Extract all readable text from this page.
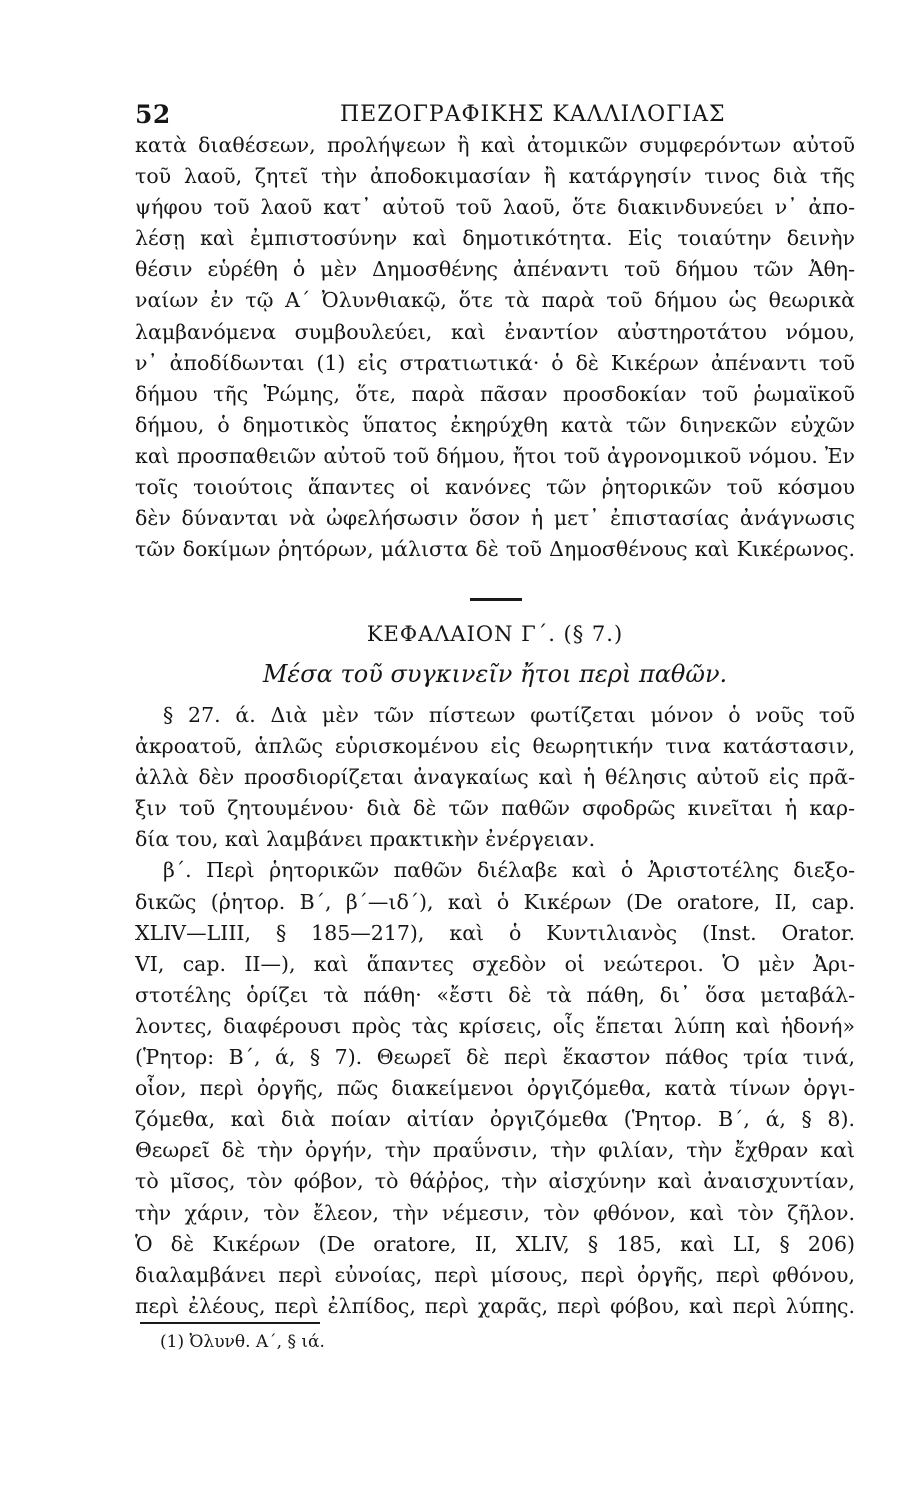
52	ΠΕΖΟΓΡΑΦΙΚΗΣ ΚΑΛΛΙΛΟΓΙΑΣ
κατὰ διαθέσεων, προλήψεων ἢ καὶ ἀτομικῶν συμφερόντων αὐτοῦ
τοῦ λαοῦ, ζητεῖ τὴν ἀποδοκιμασίαν ἢ κατάργησίν τινος διὰ τῆς
ψήφου τοῦ λαοῦ κατ᾿ αὐτοῦ τοῦ λαοῦ, ὅτε διακινδυνεύει ν᾿ ἀπο-
λέσῃ καὶ ἐμπιστοσύνην καὶ δημοτικότητα. Εἰς τοιαύτην δεινὴν
θέσιν εὑρέθη ὁ μὲν Δημοσθένης ἀπέναντι τοῦ δήμου τῶν Ἀθη-
ναίων ἐν τῷ Α΄ Ὀλυνθιακῷ, ὅτε τὰ παρὰ τοῦ δήμου ὡς θεωρικὰ
λαμβανόμενα συμβουλεύει, καὶ ἐναντίον αὐστηροτάτου νόμου,
ν᾿ ἀποδίδωνται (1) εἰς στρατιωτικά· ὁ δὲ Κικέρων ἀπέναντι τοῦ
δήμου τῆς Ῥώμης, ὅτε, παρὰ πᾶσαν προσδοκίαν τοῦ ῥωμαϊκοῦ
δήμου, ὁ δημοτικὸς ὕπατος ἐκηρύχθη κατὰ τῶν διηνεκῶν εὐχῶν
καὶ προσπαθειῶν αὐτοῦ τοῦ δήμου, ἤτοι τοῦ ἀγρονομικοῦ νόμου. Ἐν
τοῖς τοιούτοις ἅπαντες οἱ κανόνες τῶν ῥητορικῶν τοῦ κόσμου
δὲν δύνανται νὰ ὠφελήσωσιν ὅσον ἡ μετ᾿ ἐπιστασίας ἀνάγνωσις
τῶν δοκίμων ῥητόρων, μάλιστα δὲ τοῦ Δημοσθένους καὶ Κικέρωνος.
ΚΕΦΑΛΑΙΟΝ Γ΄. (§ 7.)
Μέσα τοῦ συγκινεῖν ἤτοι περὶ παθῶν.
§ 27. ά. Διὰ μὲν τῶν πίστεων φωτίζεται μόνον ὁ νοῦς τοῦ
ἀκροατοῦ, ἁπλῶς εὑρισκομένου εἰς θεωρητικήν τινα κατάστασιν,
ἀλλὰ δὲν προσδιορίζεται ἀναγκαίως καὶ ἡ θέλησις αὐτοῦ εἰς πρᾶ-
ξιν τοῦ ζητουμένου· διὰ δὲ τῶν παθῶν σφοδρῶς κινεῖται ἡ καρ-
δία του, καὶ λαμβάνει πρακτικὴν ἐνέργειαν.
β΄. Περὶ ῥητορικῶν παθῶν διέλαβε καὶ ὁ Ἀριστοτέλης διεξο-
δικῶς (ῥητορ. Β΄, β΄—ιδ΄), καὶ ὁ Κικέρων (De oratore, II, cap.
XLIV—LIII, § 185—217), καὶ ὁ Κυντιλιανὸς (Inst. Orator.
VI, cap. II—), καὶ ἅπαντες σχεδὸν οἱ νεώτεροι. Ὁ μὲν Ἀρι-
στοτέλης ὁρίζει τὰ πάθη· «ἔστι δὲ τὰ πάθη, δι᾿ ὅσα μεταβάλ-
λοντες, διαφέρουσι πρὸς τὰς κρίσεις, οἷς ἕπεται λύπη καὶ ἡδονή»
(Ῥητορ: Β΄, ά, § 7). Θεωρεῖ δὲ περὶ ἕκαστον πάθος τρία τινά,
οἷον, περὶ ὀργῆς, πῶς διακείμενοι ὀργιζόμεθα, κατὰ τίνων ὀργι-
ζόμεθα, καὶ διὰ ποίαν αἰτίαν ὀργιζόμεθα (Ῥητορ. Β΄, ά, § 8).
Θεωρεῖ δὲ τὴν ὀργήν, τὴν πραΰνσιν, τὴν φιλίαν, τὴν ἔχθραν καὶ
τὸ μῖσος, τὸν φόβον, τὸ θάῤῥος, τὴν αἰσχύνην καὶ ἀναισχυντίαν,
τὴν χάριν, τὸν ἔλεον, τὴν νέμεσιν, τὸν φθόνον, καὶ τὸν ζῆλον.
Ὁ δὲ Κικέρων (De oratore, II, XLIV, § 185, καὶ LI, § 206)
διαλαμβάνει περὶ εὐνοίας, περὶ μίσους, περὶ ὀργῆς, περὶ φθόνου,
περὶ ἐλέους, περὶ ἐλπίδος, περὶ χαρᾶς, περὶ φόβου, καὶ περὶ λύπης.
(1) Ὀλυνθ. Α΄, § ιά.
